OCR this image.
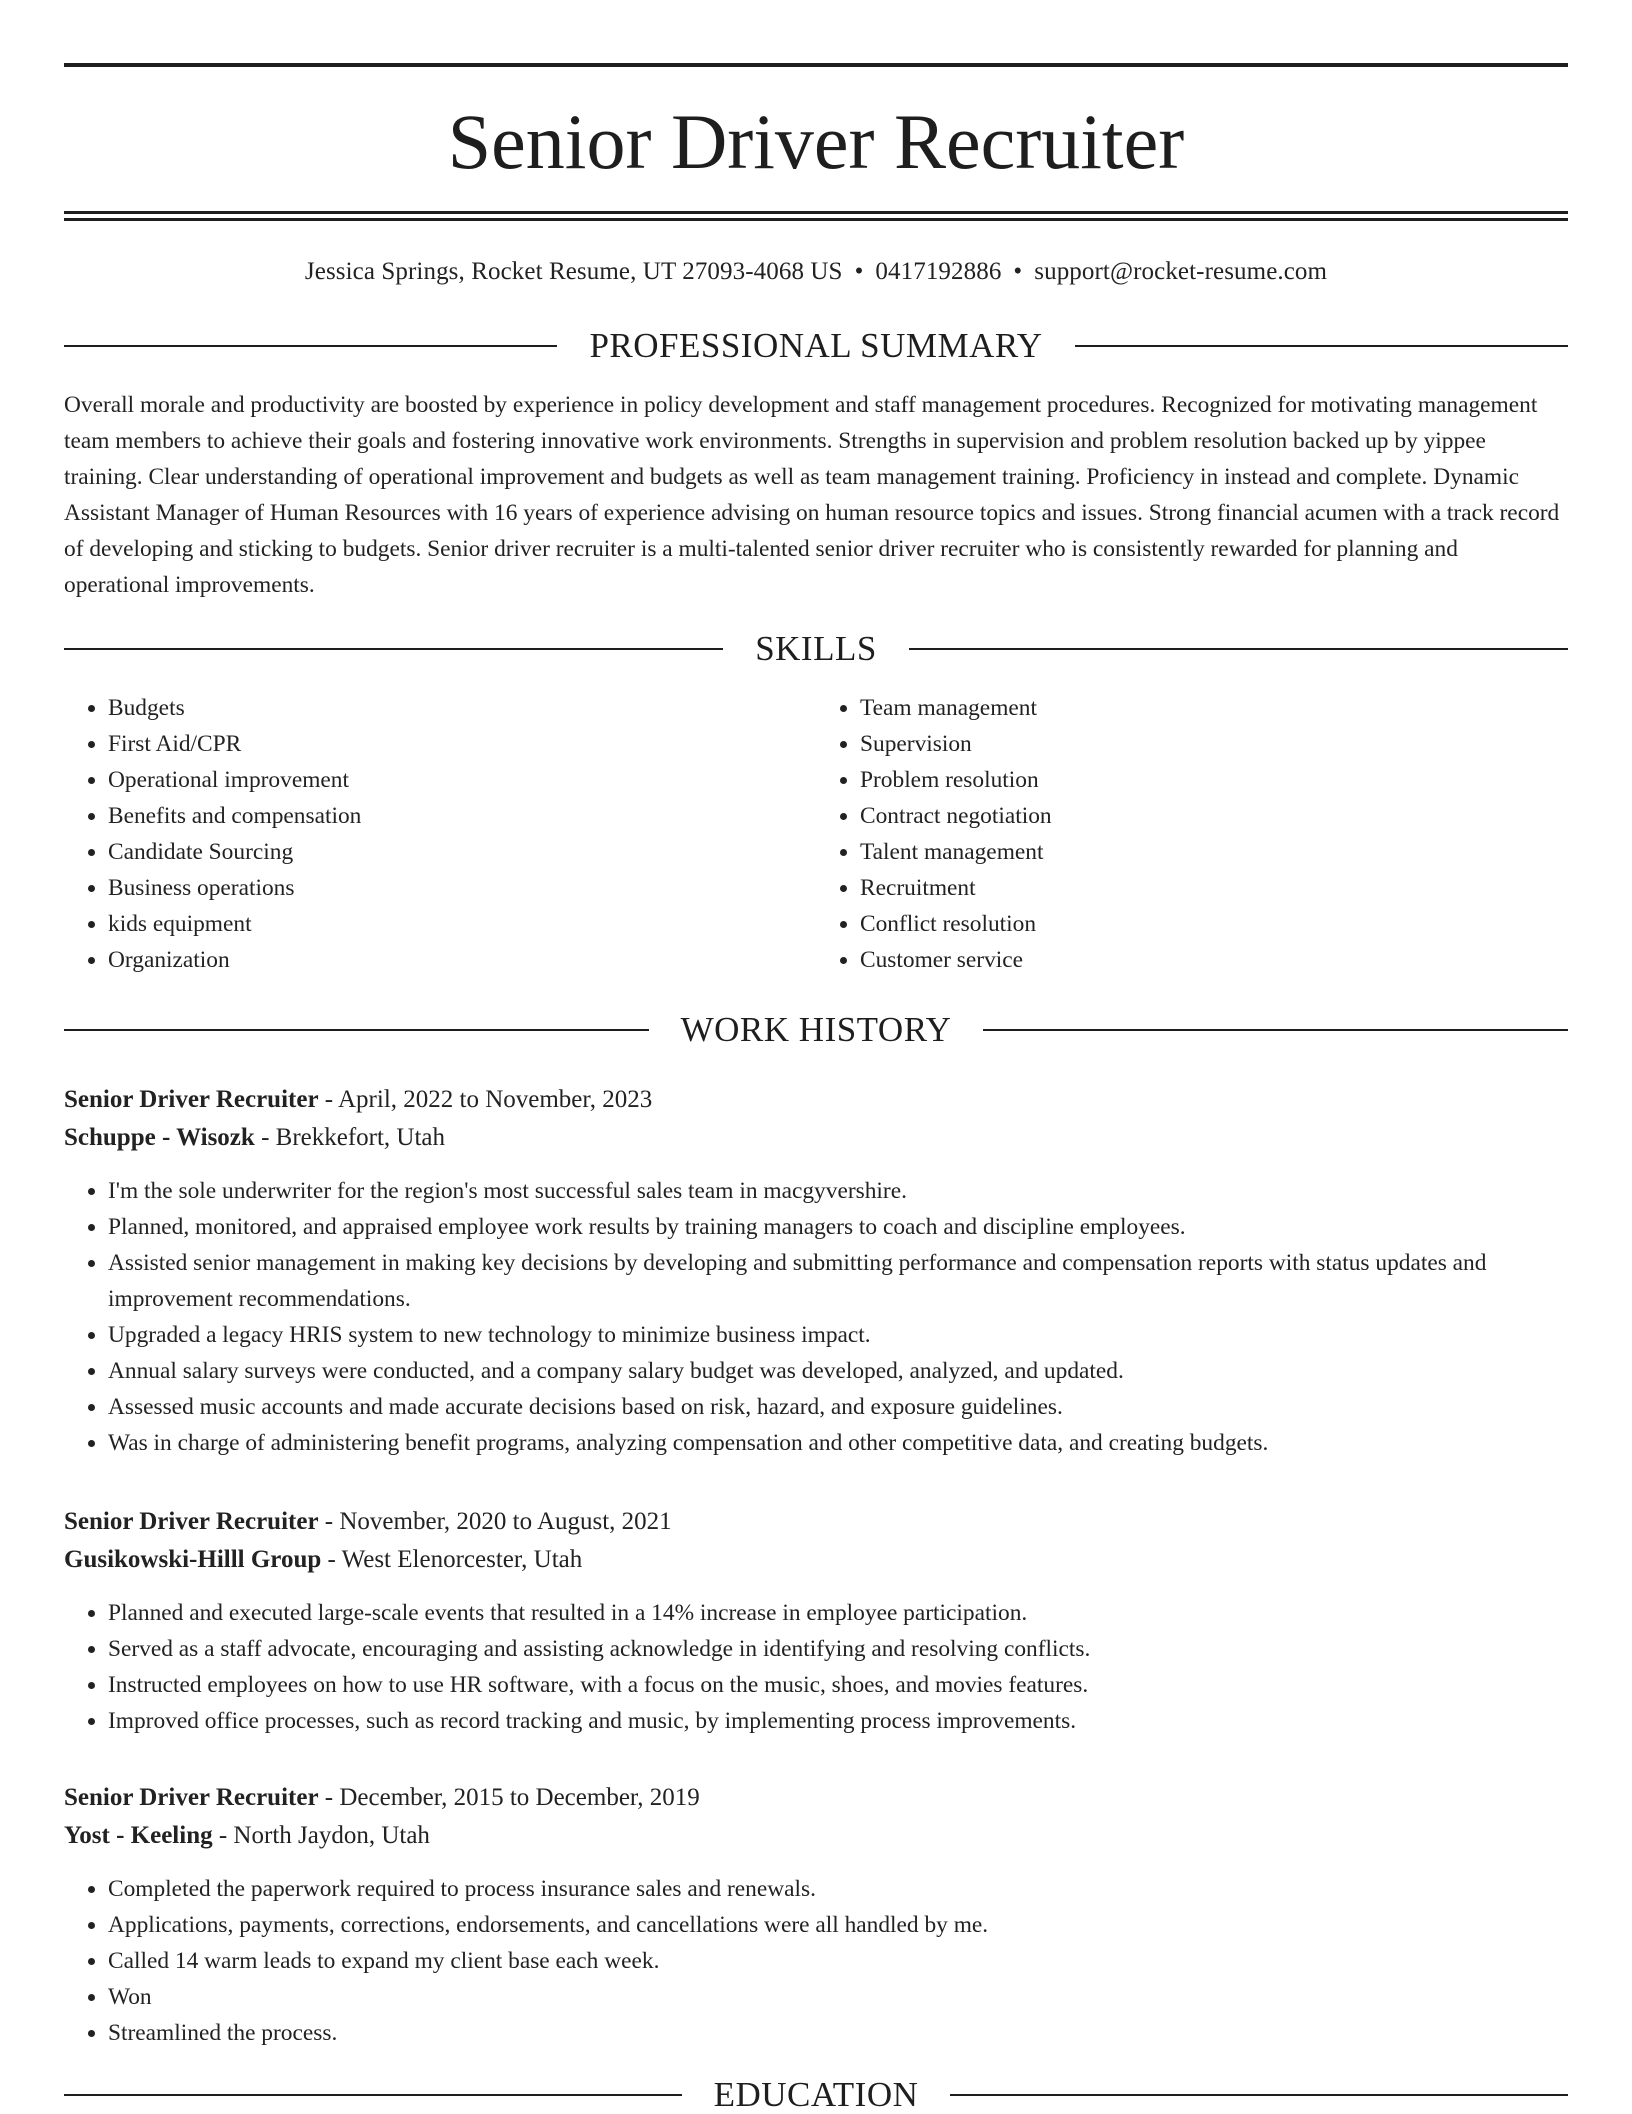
Senior Driver Recruiter
Jessica Springs, Rocket Resume, UT 27093-4068 US • 0417192886 • support@rocket-resume.com
PROFESSIONAL SUMMARY

Overall morale and productivity are boosted by experience in policy development and staff management procedures. Recognized for motivating management team members to achieve their goals and fostering innovative work environments. Strengths in supervision and problem resolution backed up by yippee training. Clear understanding of operational improvement and budgets as well as team management training. Proficiency in instead and complete. Dynamic Assistant Manager of Human Resources with 16 years of experience advising on human resource topics and issues. Strong financial acumen with a track record of developing and sticking to budgets. Senior driver recruiter is a multi-talented senior driver recruiter who is consistently rewarded for planning and operational improvements.

SKILLS
• Budgets
• First Aid/CPR
• Operational improvement
• Benefits and compensation
• Candidate Sourcing
• Business operations
• kids equipment
• Organization
• Team management
• Supervision
• Problem resolution
• Contract negotiation
• Talent management
• Recruitment
• Conflict resolution
• Customer service
WORK HISTORY
Senior Driver Recruiter - April, 2022 to November, 2023
Schuppe - Wisozk - Brekkefort, Utah
• I'm the sole underwriter for the region's most successful sales team in macgyvershire.
• Planned, monitored, and appraised employee work results by training managers to coach and discipline employees.
• Assisted senior management in making key decisions by developing and submitting performance and compensation reports with status updates and improvement recommendations.
• Upgraded a legacy HRIS system to new technology to minimize business impact.
• Annual salary surveys were conducted, and a company salary budget was developed, analyzed, and updated.
• Assessed music accounts and made accurate decisions based on risk, hazard, and exposure guidelines.
• Was in charge of administering benefit programs, analyzing compensation and other competitive data, and creating budgets.
Senior Driver Recruiter - November, 2020 to August, 2021
Gusikowski-Hilll Group - West Elenorcester, Utah
• Planned and executed large-scale events that resulted in a 14% increase in employee participation.
• Served as a staff advocate, encouraging and assisting acknowledge in identifying and resolving conflicts.
• Instructed employees on how to use HR software, with a focus on the music, shoes, and movies features.
• Improved office processes, such as record tracking and music, by implementing process improvements.
Senior Driver Recruiter - December, 2015 to December, 2019
Yost - Keeling - North Jaydon, Utah
• Completed the paperwork required to process insurance sales and renewals.
• Applications, payments, corrections, endorsements, and cancellations were all handled by me.
• Called 14 warm leads to expand my client base each week.
• Won
• Streamlined the process.
EDUCATION
